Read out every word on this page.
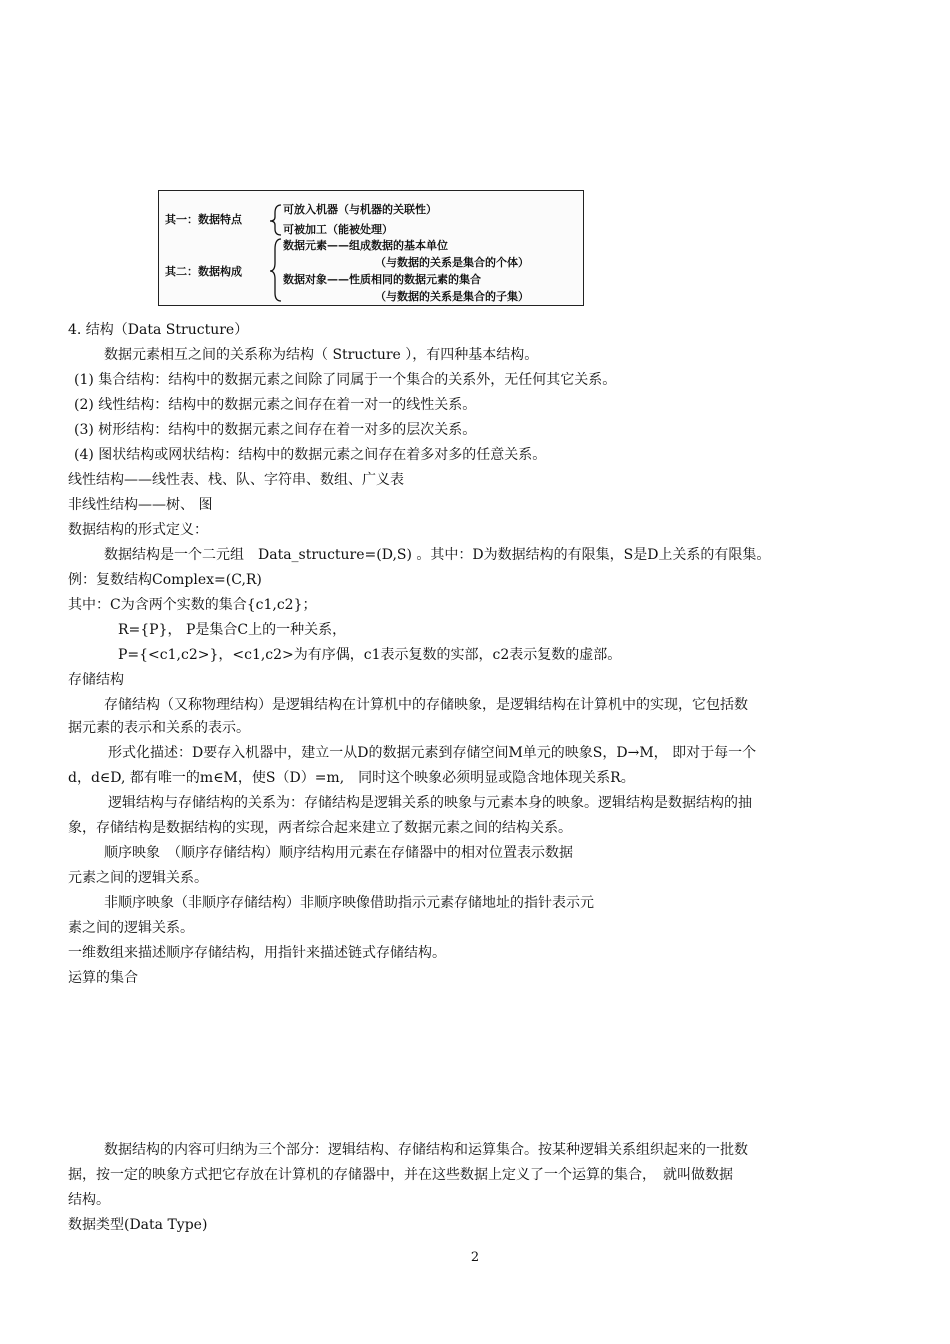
其一：数据特点
可放入机器（与机器的关联性）
可被加工（能被处理）
其二：数据构成
数据元素——组成数据的基本单位
（与数据的关系是集合的个体）
数据对象——性质相同的数据元素的集合
（与数据的关系是集合的子集）
4. 结构（Data Structure）
数据元素相互之间的关系称为结构（ Structure ），有四种基本结构。
(1) 集合结构：结构中的数据元素之间除了同属于一个集合的关系外，无任何其它关系。
(2) 线性结构：结构中的数据元素之间存在着一对一的线性关系。
(3) 树形结构：结构中的数据元素之间存在着一对多的层次关系。
(4) 图状结构或网状结构：结构中的数据元素之间存在着多对多的任意关系。
线性结构——线性表、栈、队、字符串、数组、广义表
非线性结构——树、 图
数据结构的形式定义：
数据结构是一个二元组　Data_structure=(D,S) 。其中：D为数据结构的有限集，S是D上关系的有限集。
例：复数结构Complex=(C,R)
其中：C为含两个实数的集合{c1,c2}；
R={P}， P是集合C上的一种关系，
P={<c1,c2>}，<c1,c2>为有序偶，c1表示复数的实部，c2表示复数的虚部。
存储结构
存储结构（又称物理结构）是逻辑结构在计算机中的存储映象，是逻辑结构在计算机中的实现，它包括数
据元素的表示和关系的表示。
形式化描述：D要存入机器中，建立一从D的数据元素到存储空间M单元的映象S，D→M， 即对于每一个
d，d∈D, 都有唯一的m∈M，使S（D）=m,　同时这个映象必须明显或隐含地体现关系R。
逻辑结构与存储结构的关系为：存储结构是逻辑关系的映象与元素本身的映象。逻辑结构是数据结构的抽
象，存储结构是数据结构的实现，两者综合起来建立了数据元素之间的结构关系。
顺序映象　（顺序存储结构）顺序结构用元素在存储器中的相对位置表示数据
元素之间的逻辑关系。
非顺序映象（非顺序存储结构）非顺序映像借助指示元素存储地址的指针表示元
素之间的逻辑关系。
一维数组来描述顺序存储结构，用指针来描述链式存储结构。
运算的集合
数据结构的内容可归纳为三个部分：逻辑结构、存储结构和运算集合。按某种逻辑关系组织起来的一批数
据，按一定的映象方式把它存放在计算机的存储器中，并在这些数据上定义了一个运算的集合，　就叫做数据
结构。
数据类型(Data Type)
2
